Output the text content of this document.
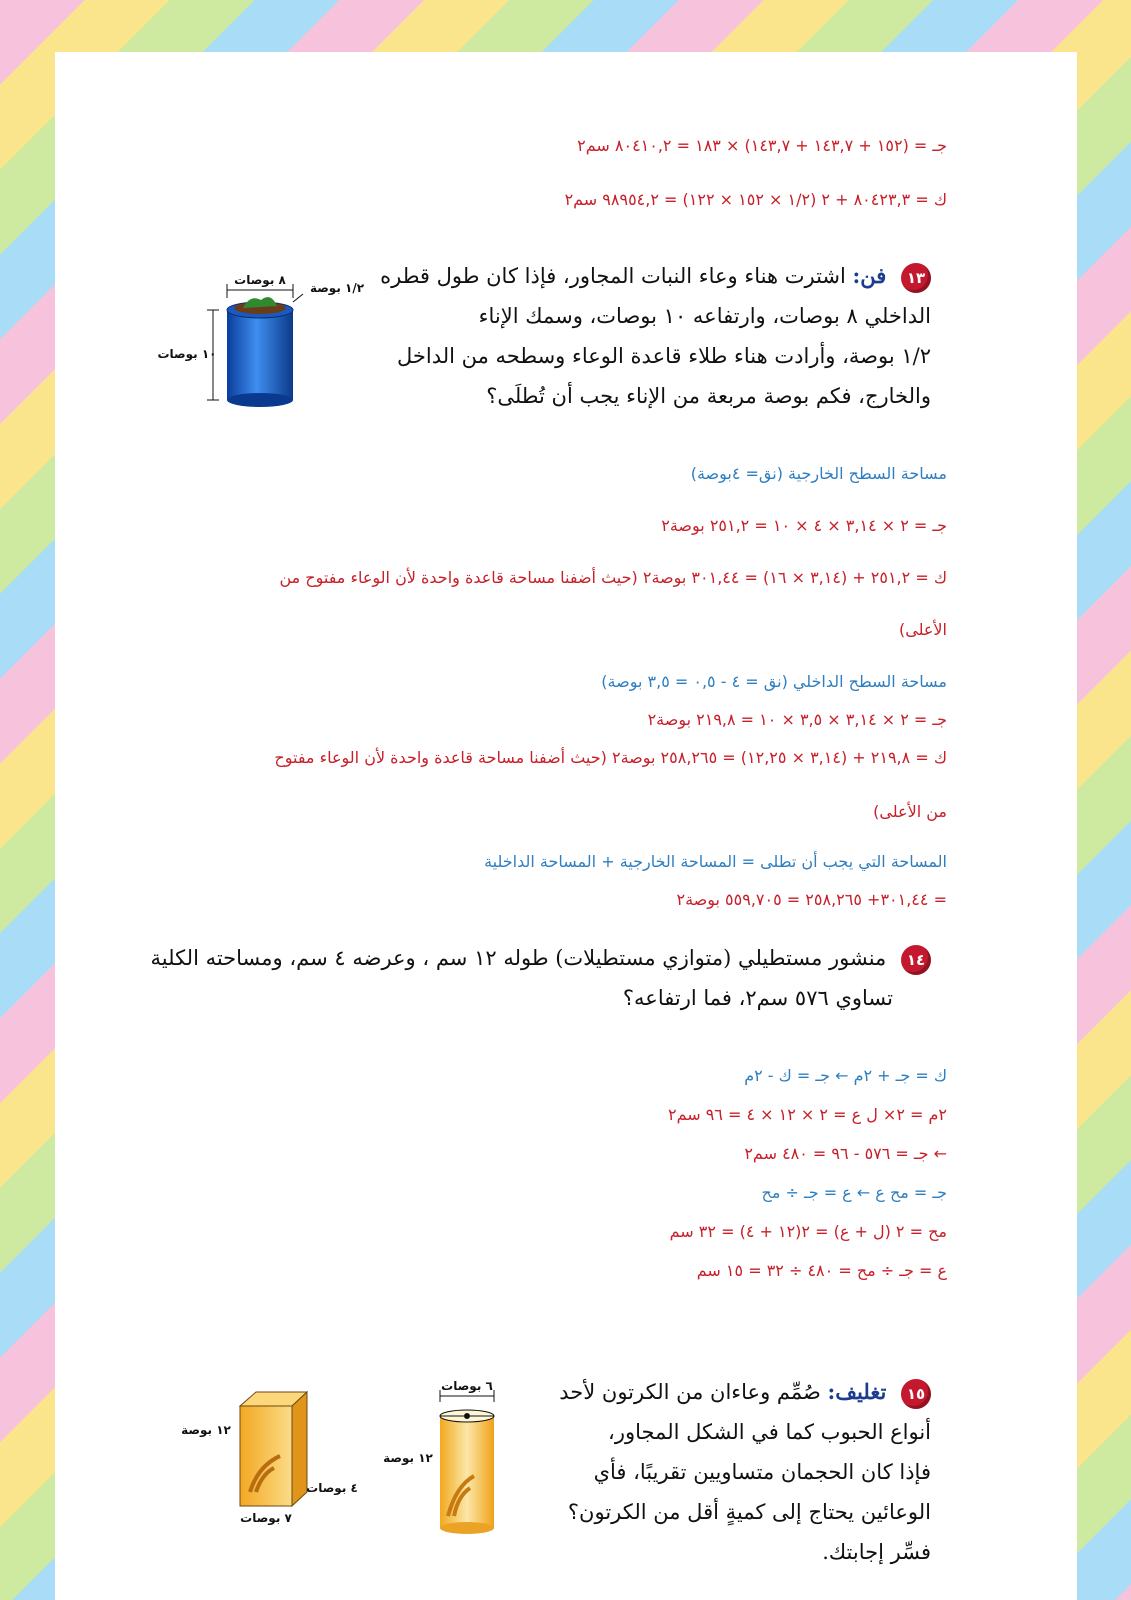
جـ = (١٥٢ + ١٤٣,٧ + ١٤٣,٧) × ١٨٣ = ٨٠٤١٠,٢ سم٢
ك = ٨٠٤٢٣,٣ + ٢ (١/٢ × ١٥٢ × ١٢٢) = ٩٨٩٥٤,٢ سم٢
١٣ فن: اشترت هناء وعاء النبات المجاور، فإذا كان طول قطره
الداخلي ٨ بوصات، وارتفاعه ١٠ بوصات، وسمك الإناء
١/٢ بوصة، وأرادت هناء طلاء قاعدة الوعاء وسطحه من الداخل
والخارج، فكم بوصة مربعة من الإناء يجب أن تُطلَى؟
٨ بوصات
١/٢ بوصة
١٠ بوصات
مساحة السطح الخارجية (نق= ٤بوصة)
جـ = ٢ × ٣,١٤ × ٤ × ١٠ = ٢٥١,٢ بوصة٢
ك = ٢٥١,٢ + (٣,١٤ × ١٦) = ٣٠١,٤٤ بوصة٢ (حيث أضفنا مساحة قاعدة واحدة لأن الوعاء مفتوح من
الأعلى)
مساحة السطح الداخلي (نق = ٤ - ٠,٥ = ٣,٥ بوصة)
جـ = ٢ × ٣,١٤ × ٣,٥ × ١٠ = ٢١٩,٨ بوصة٢
ك = ٢١٩,٨ + (٣,١٤ × ١٢,٢٥) = ٢٥٨,٢٦٥ بوصة٢ (حيث أضفنا مساحة قاعدة واحدة لأن الوعاء مفتوح
من الأعلى)
المساحة التي يجب أن تطلى = المساحة الخارجية + المساحة الداخلية
= ٣٠١,٤٤+ ٢٥٨,٢٦٥ = ٥٥٩,٧٠٥ بوصة٢
١٤ منشور مستطيلي (متوازي مستطيلات) طوله ١٢ سم ، وعرضه ٤ سم، ومساحته الكلية
تساوي ٥٧٦ سم٢، فما ارتفاعه؟
ك = جـ + ٢م ← جـ = ك - ٢م
٢م = ٢× ل ع = ٢ × ١٢ × ٤ = ٩٦ سم٢
← جـ = ٥٧٦ - ٩٦ = ٤٨٠ سم٢
جـ = مح ع ← ع = جـ ÷ مح
مح = ٢ (ل + ع) = ٢(١٢ + ٤) = ٣٢ سم
ع = جـ ÷ مح = ٤٨٠ ÷ ٣٢ = ١٥ سم
١٥ تغليف: صُمِّم وعاءان من الكرتون لأحد
أنواع الحبوب كما في الشكل المجاور،
فإذا كان الحجمان متساويين تقريبًا، فأي
الوعائين يحتاج إلى كميةٍ أقل من الكرتون؟
فسِّر إجابتك.
٦ بوصات
١٢ بوصة
١٢ بوصة
٤ بوصات
٧ بوصات
